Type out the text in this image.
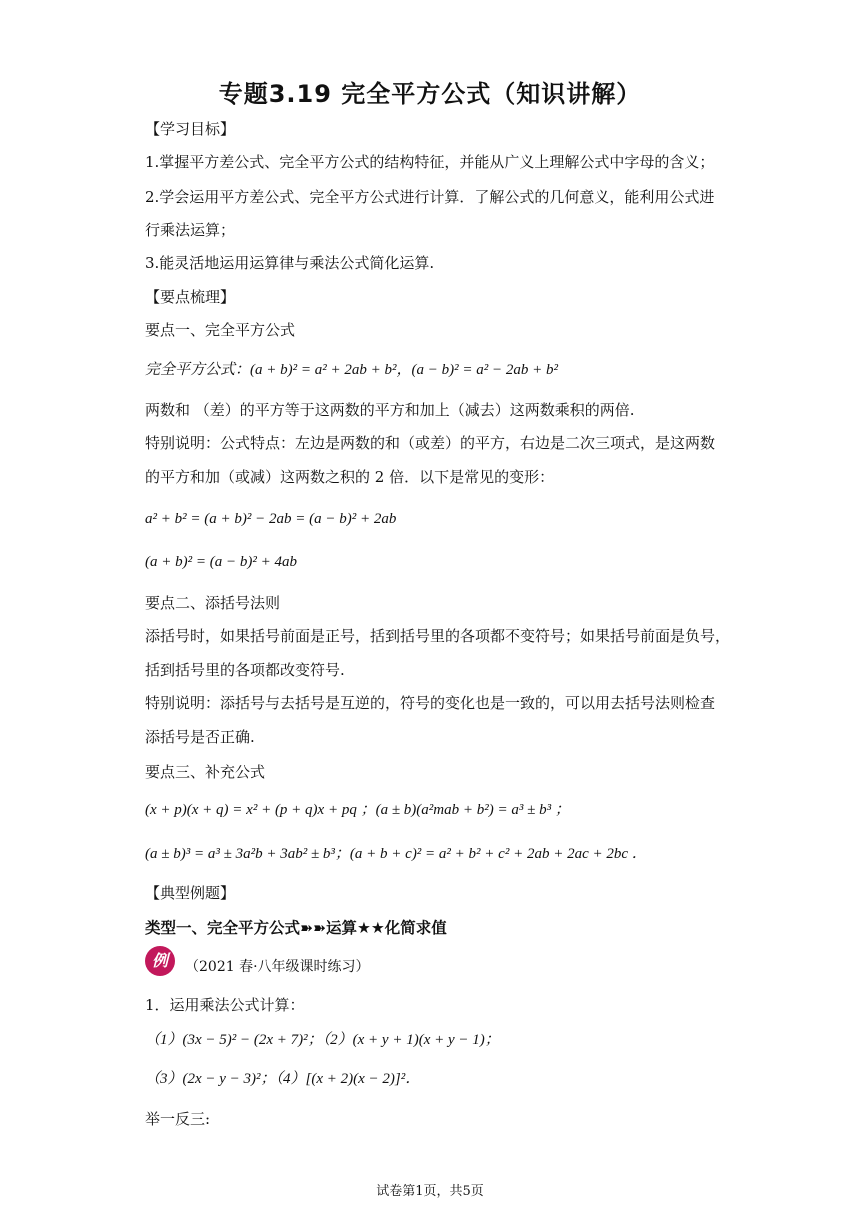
专题3.19 完全平方公式（知识讲解）
【学习目标】
1.掌握平方差公式、完全平方公式的结构特征，并能从广义上理解公式中字母的含义；
2.学会运用平方差公式、完全平方公式进行计算．了解公式的几何意义，能利用公式进
行乘法运算；
3.能灵活地运用运算律与乘法公式简化运算.
【要点梳理】
要点一、完全平方公式
完全平方公式：(a + b)² = a² + 2ab + b²，(a − b)² = a² − 2ab + b²
两数和 （差）的平方等于这两数的平方和加上（减去）这两数乘积的两倍.
特别说明：公式特点：左边是两数的和（或差）的平方，右边是二次三项式，是这两数
的平方和加（或减）这两数之积的 2 倍．以下是常见的变形：
a² + b² = (a + b)² − 2ab = (a − b)² + 2ab
(a + b)² = (a − b)² + 4ab
要点二、添括号法则
添括号时，如果括号前面是正号，括到括号里的各项都不变符号；如果括号前面是负号，
括到括号里的各项都改变符号.
特别说明：添括号与去括号是互逆的，符号的变化也是一致的，可以用去括号法则检查
添括号是否正确.
要点三、补充公式
(x + p)(x + q) = x² + (p + q)x + pq ；(a ± b)(a²mab + b²) = a³ ± b³ ；
(a ± b)³ = a³ ± 3a²b + 3ab² ± b³；(a + b + c)² = a² + b² + c² + 2ab + 2ac + 2bc ．
【典型例题】
类型一、完全平方公式➽➽运算★★化简求值
例	（2021 春·八年级课时练习）
1．运用乘法公式计算：
（1）(3x − 5)² − (2x + 7)²；（2）(x + y + 1)(x + y − 1)；
（3）(2x − y − 3)²；（4）[(x + 2)(x − 2)]²．
举一反三:
试卷第1页，共5页
